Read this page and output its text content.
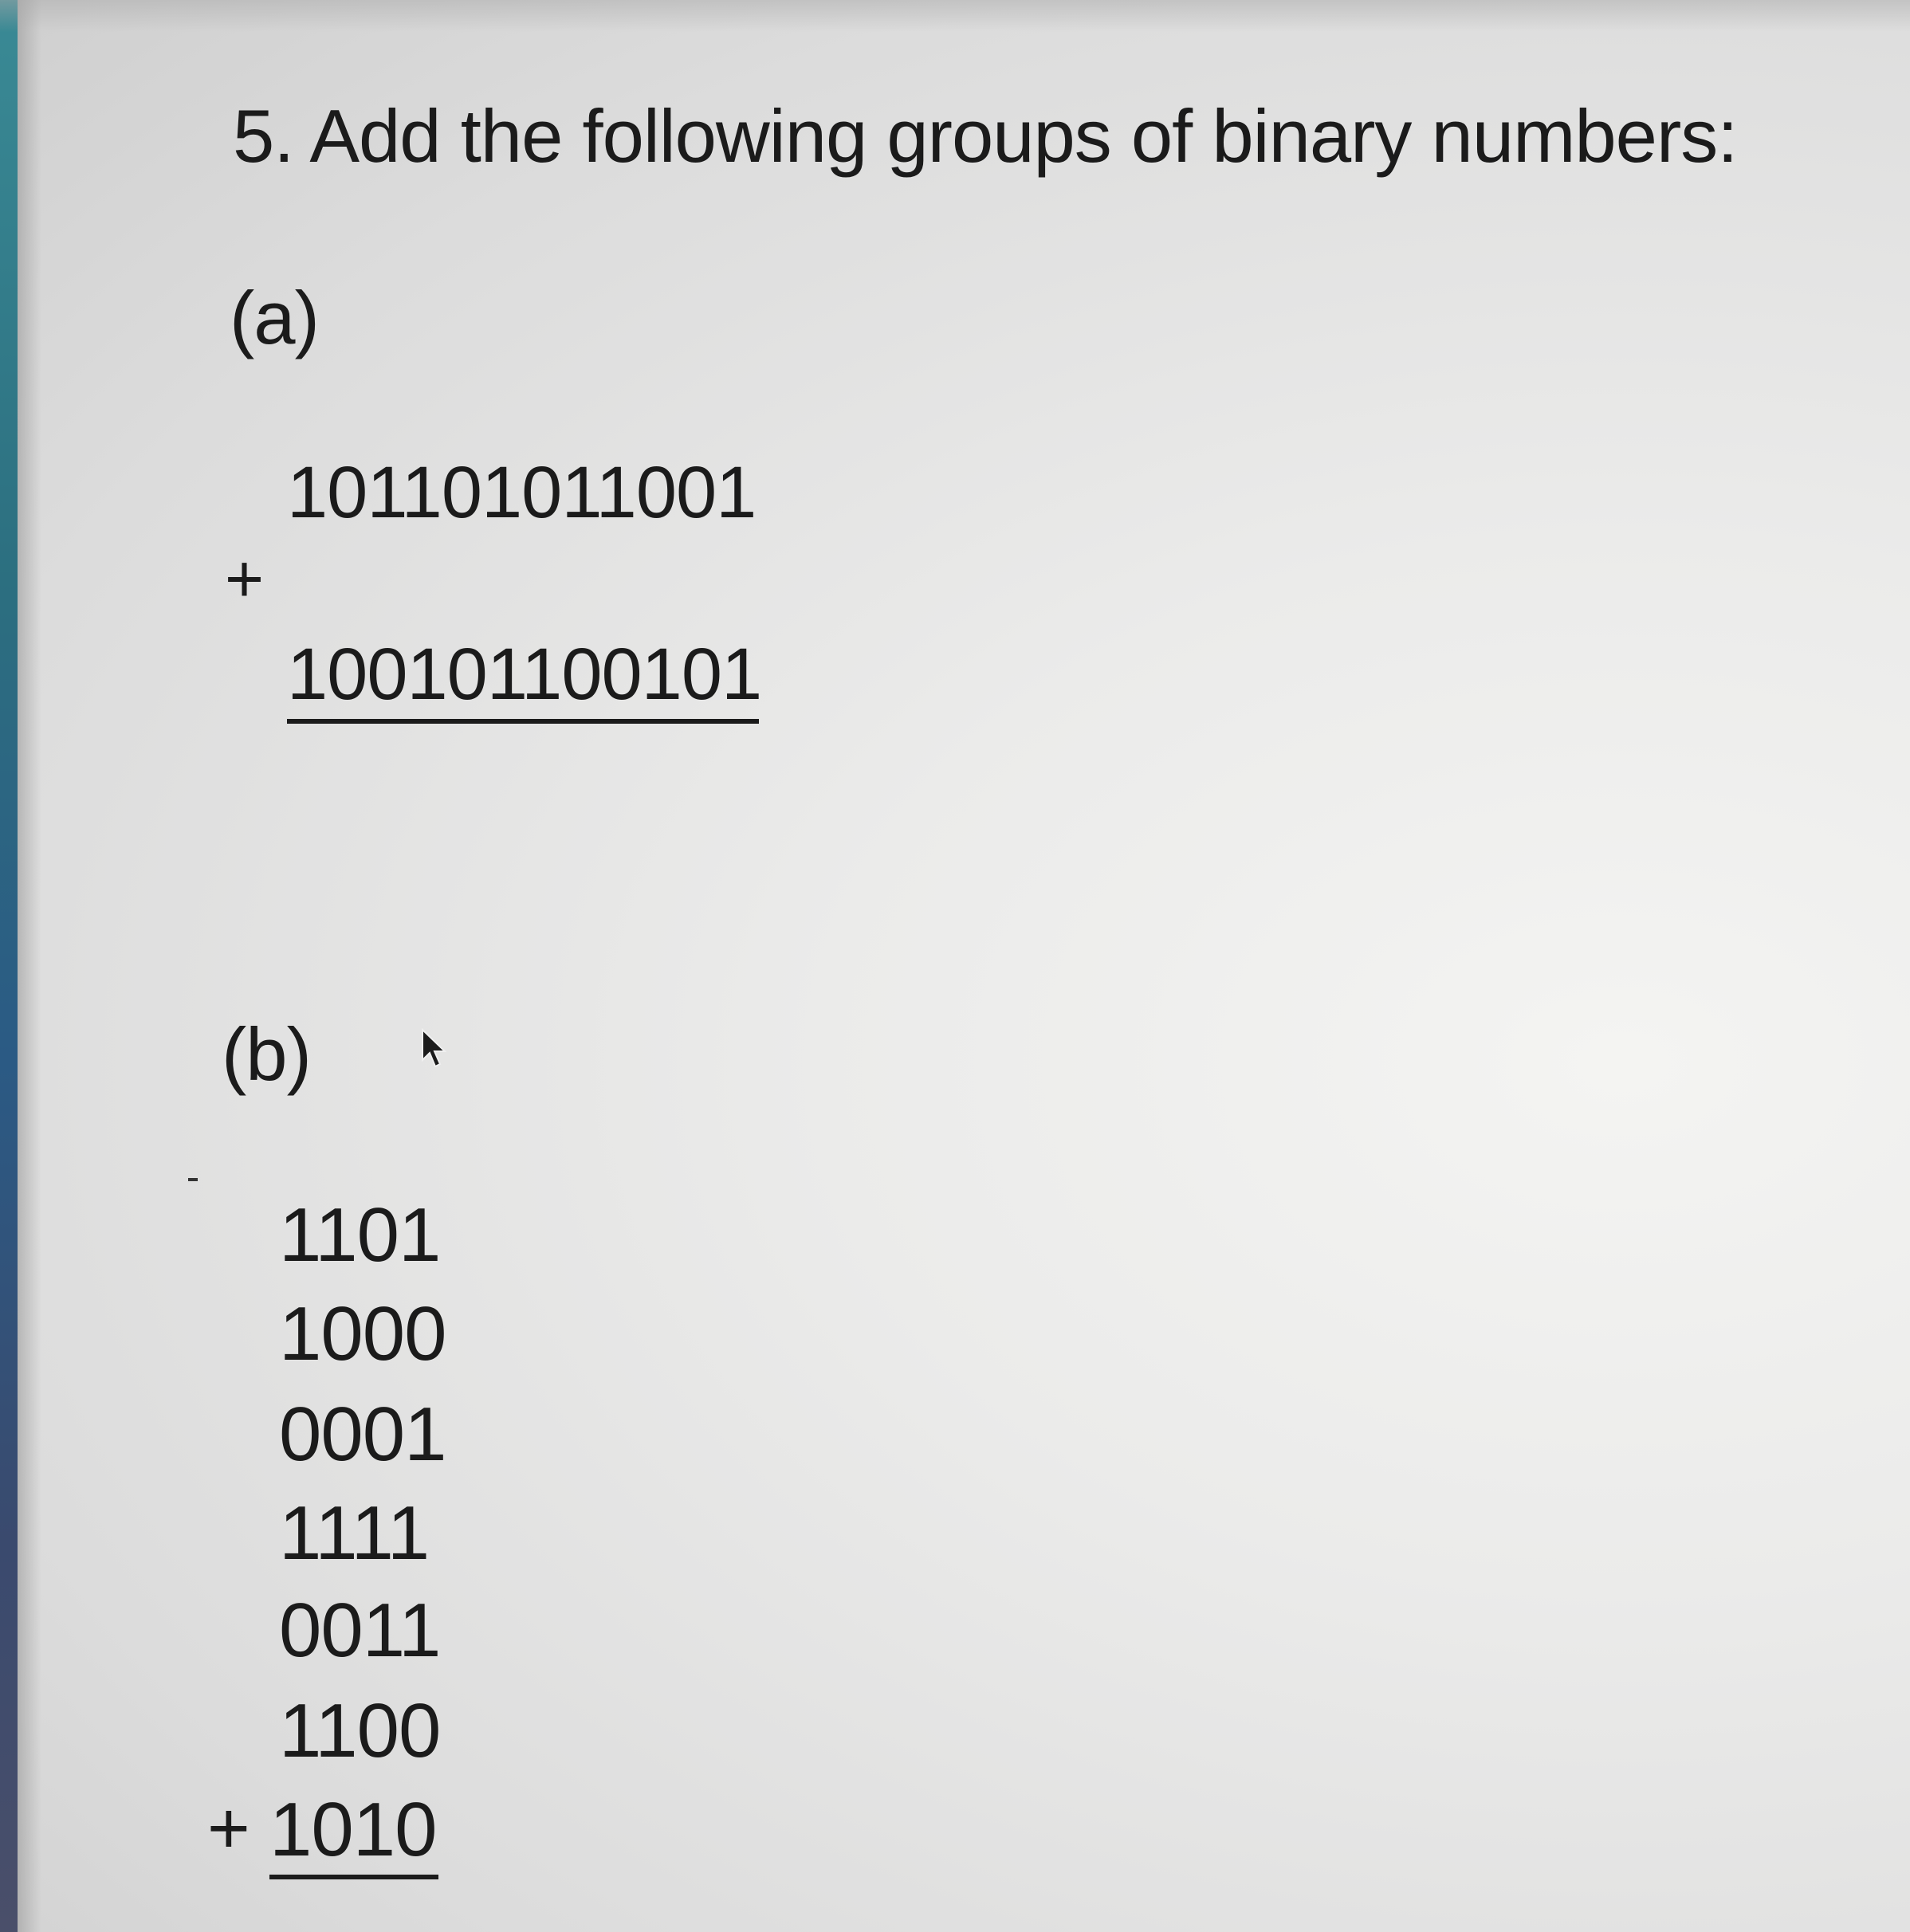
5. Add the following groups of binary numbers:
(a)
101101011001
+
100101100101
(b)
1101
1000
0001
1111
0011
1100
+ 1010
